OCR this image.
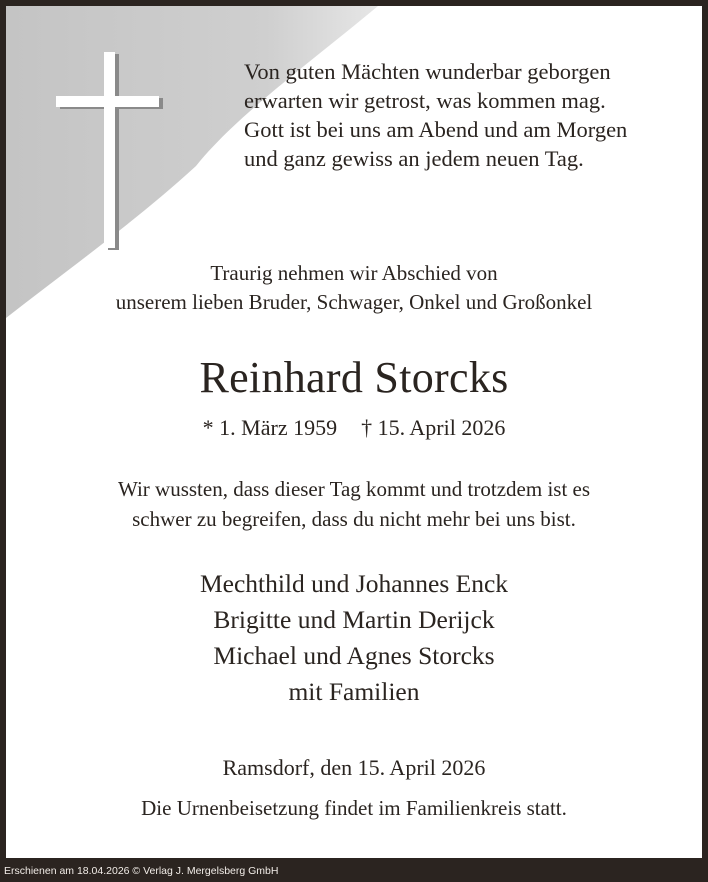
Von guten Mächten wunderbar geborgen
erwarten wir getrost, was kommen mag.
Gott ist bei uns am Abend und am Morgen
und ganz gewiss an jedem neuen Tag.
Traurig nehmen wir Abschied von
unserem lieben Bruder, Schwager, Onkel und Großonkel
Reinhard Storcks
* 1. März 1959 † 15. April 2026
Wir wussten, dass dieser Tag kommt und trotzdem ist es
schwer zu begreifen, dass du nicht mehr bei uns bist.
Mechthild und Johannes Enck
Brigitte und Martin Derijck
Michael und Agnes Storcks
mit Familien
Ramsdorf, den 15. April 2026
Die Urnenbeisetzung findet im Familienkreis statt.
Erschienen am 18.04.2026 © Verlag J. Mergelsberg GmbH
